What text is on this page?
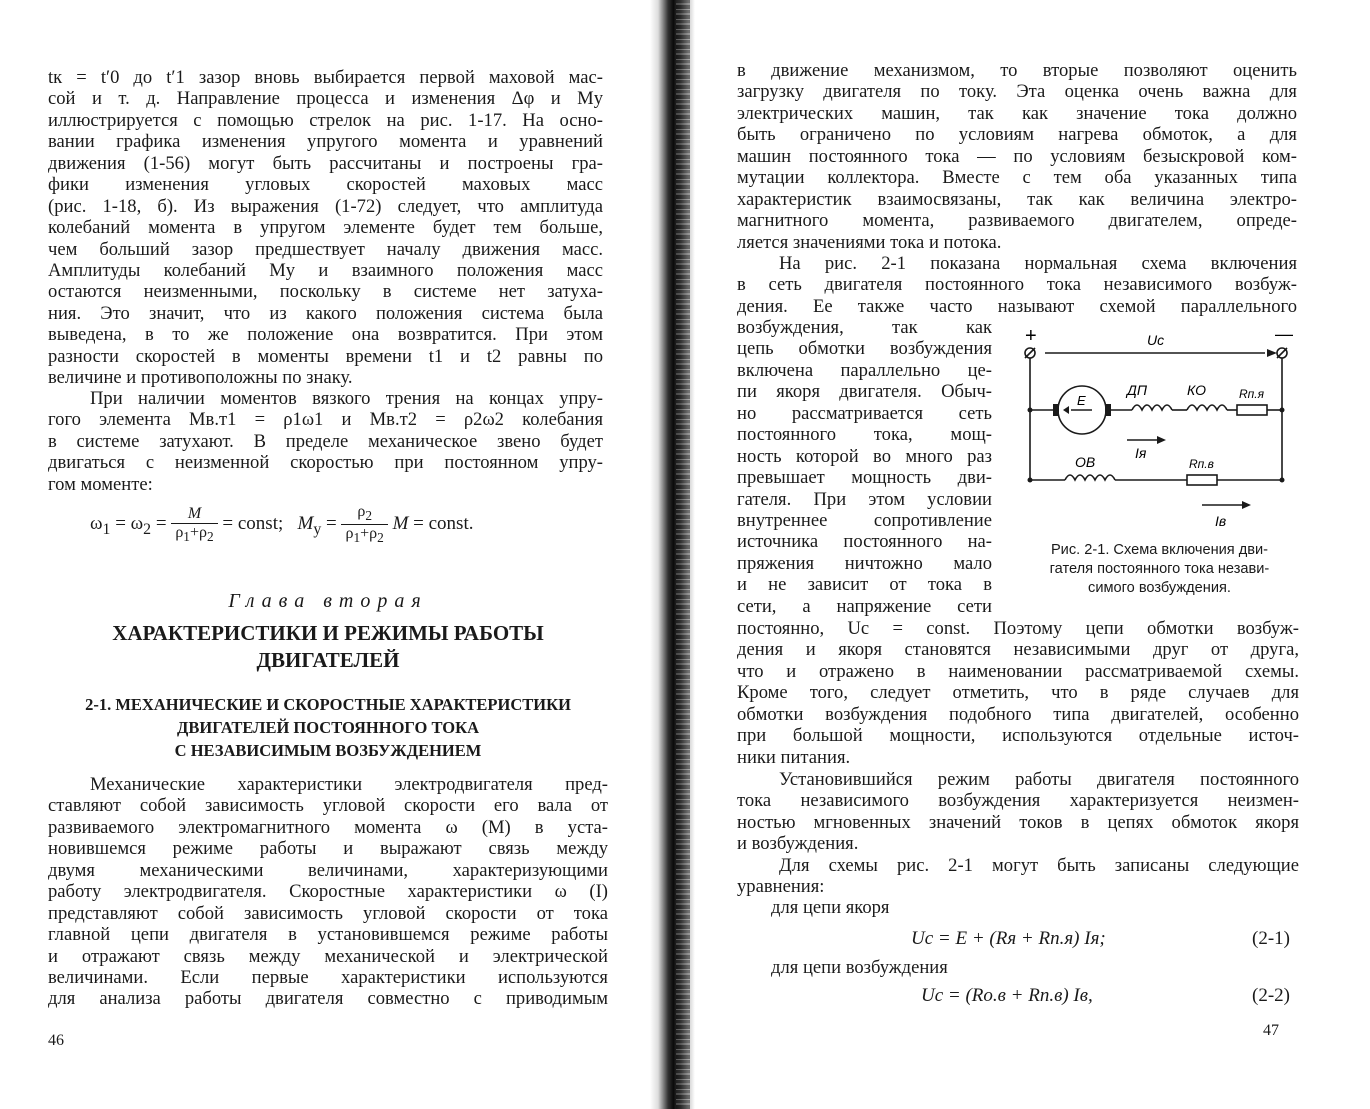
tк = t′0 до t′1 зазор вновь выбирается первой маховой мас-
сой и т. д. Направление процесса и изменения Δφ и Mу
иллюстрируется с помощью стрелок на рис. 1-17. На осно-
вании графика изменения упругого момента и уравнений
движения (1-56) могут быть рассчитаны и построены гра-
фики изменения угловых скоростей маховых масс
(рис. 1-18, б). Из выражения (1-72) следует, что амплитуда
колебаний момента в упругом элементе будет тем больше,
чем больший зазор предшествует началу движения масс.
Амплитуды колебаний Mу и взаимного положения масс
остаются неизменными, поскольку в системе нет затуха-
ния. Это значит, что из какого положения система была
выведена, в то же положение она возвратится. При этом
разности скоростей в моменты времени t1 и t2 равны по
величине и противоположны по знаку.
При наличии моментов вязкого трения на концах упру-
гого элемента Mв.т1 = ρ1ω1 и Mв.т2 = ρ2ω2 колебания
в системе затухают. В пределе механическое звено будет
двигаться с неизменной скоростью при постоянном упру-
гом моменте:
$\omega_1 = \omega_2 = \frac{M}{\rho_1+\rho_2}$ = const;   $M_у = \frac{\rho_2}{\rho_1+\rho_2}$ M = const.
Глава вторая
ХАРАКТЕРИСТИКИ И РЕЖИМЫ РАБОТЫ
ДВИГАТЕЛЕЙ
2-1. МЕХАНИЧЕСКИЕ И СКОРОСТНЫЕ ХАРАКТЕРИСТИКИ
ДВИГАТЕЛЕЙ ПОСТОЯННОГО ТОКА
С НЕЗАВИСИМЫМ ВОЗБУЖДЕНИЕМ
Механические характеристики электродвигателя пред-
ставляют собой зависимость угловой скорости его вала от
развиваемого электромагнитного момента ω (M) в уста-
новившемся режиме работы и выражают связь между
двумя механическими величинами, характеризующими
работу электродвигателя. Скоростные характеристики ω (I)
представляют собой зависимость угловой скорости от тока
главной цепи двигателя в установившемся режиме работы
и отражают связь между механической и электрической
величинами. Если первые характеристики используются
для анализа работы двигателя совместно с приводимым
46
в движение механизмом, то вторые позволяют оценить
загрузку двигателя по току. Эта оценка очень важна для
электрических машин, так как значение тока должно
быть ограничено по условиям нагрева обмоток, а для
машин постоянного тока — по условиям безыскровой ком-
мутации коллектора. Вместе с тем оба указанных типа
характеристик взаимосвязаны, так как величина электро-
магнитного момента, развиваемого двигателем, опреде-
ляется значениями тока и потока.
На рис. 2-1 показана нормальная схема включения
в сеть двигателя постоянного тока независимого возбуж-
дения. Ее также часто называют схемой параллельного
возбуждения, так как
цепь обмотки возбуждения
включена параллельно це-
пи якоря двигателя. Обыч-
но рассматривается сеть
постоянного тока, мощ-
ность которой во много раз
превышает мощность дви-
гателя. При этом условии
внутреннее сопротивление
источника постоянного на-
пряжения ничтожно мало
и не зависит от тока в
сети, а напряжение сети
постоянно, Uс = const. Поэтому цепи обмотки возбуж-
дения и якоря становятся независимыми друг от друга,
что и отражено в наименовании рассматриваемой схемы.
Кроме того, следует отметить, что в ряде случаев для
обмотки возбуждения подобного типа двигателей, особенно
при большой мощности, используются отдельные источ-
ники питания.
Установившийся режим работы двигателя постоянного
тока независимого возбуждения характеризуется неизмен-
ностью мгновенных значений токов в цепях обмоток якоря
и возбуждения.
Для схемы рис. 2-1 могут быть записаны следующие
уравнения:
для цепи якоря
Uс = E + (Rя + Rп.я) Iя;	(2-1)
для цепи возбуждения
Uс = (Rо.в + Rп.в) Iв,	(2-2)
+	—
Uс
E
ДП	КО	Rп.я
Iя
ОВ	Rп.в
Iв
Рис. 2-1. Схема включения дви-
гателя постоянного тока незави-
симого возбуждения.
47
